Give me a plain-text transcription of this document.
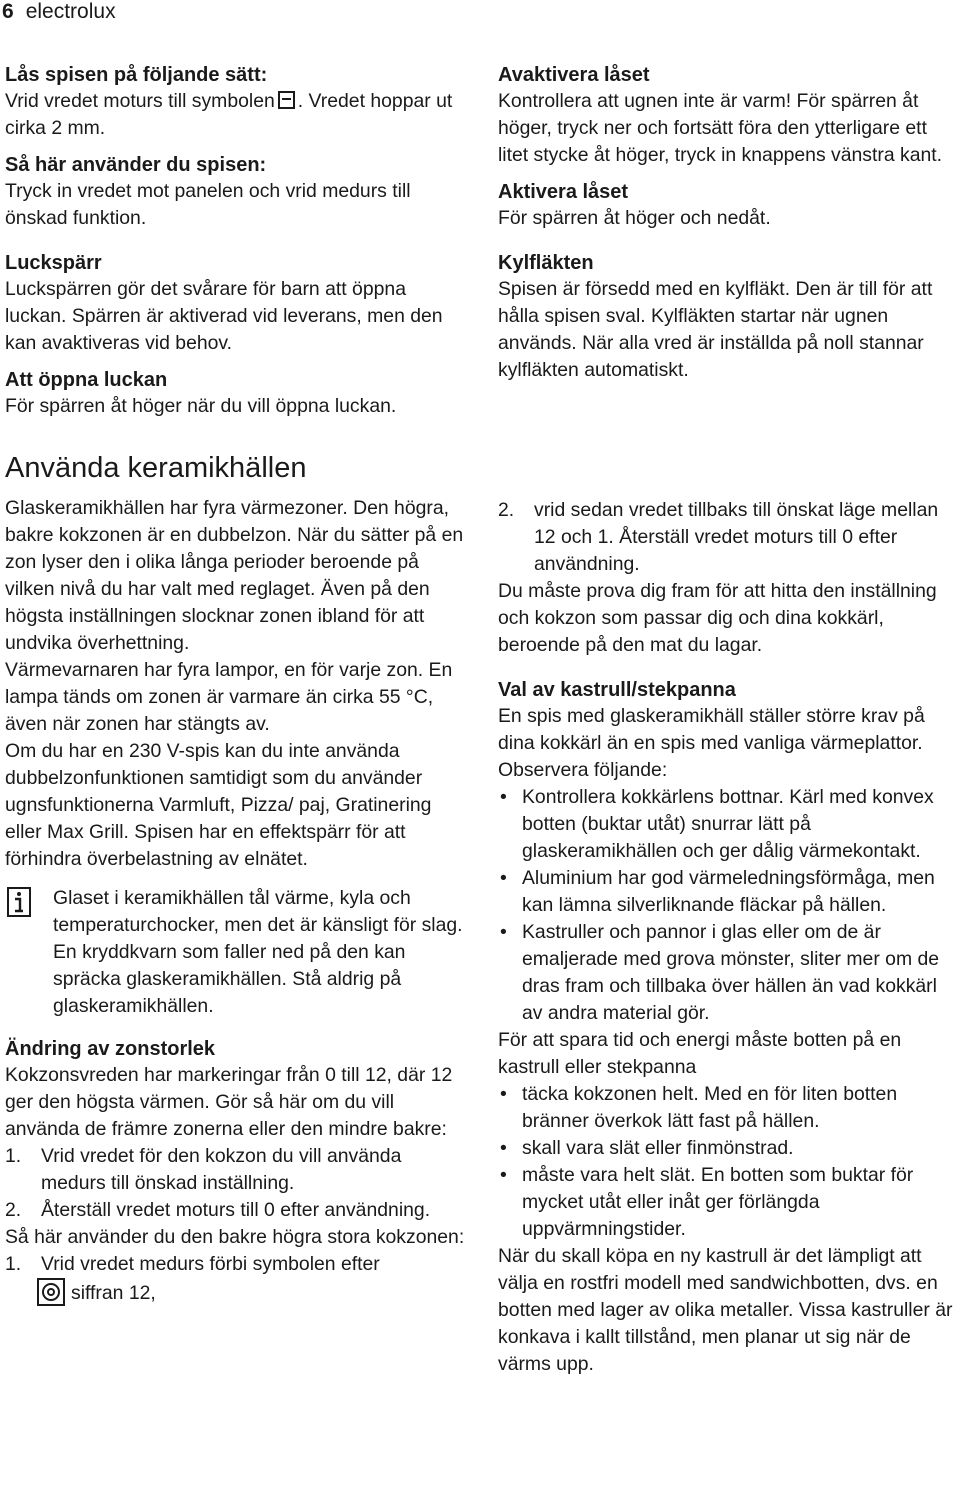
6 electrolux

Lås spisen på följande sätt:

Vrid vredet moturs till symbolen . Vredet hoppar ut cirka 2 mm.

Så här använder du spisen:

Tryck in vredet mot panelen och vrid medurs till önskad funktion.

Luckspärr

Luckspärren gör det svårare för barn att öppna luckan. Spärren är aktiverad vid leverans, men den kan avaktiveras vid behov.

Att öppna luckan

För spärren åt höger när du vill öppna luckan.

Avaktivera låset

Kontrollera att ugnen inte är varm! För spärren åt höger, tryck ner och fortsätt föra den ytterligare ett litet stycke åt höger, tryck in knappens vänstra kant.

Aktivera låset

För spärren åt höger och nedåt.

Kylfläkten

Spisen är försedd med en kylfläkt. Den är till för att hålla spisen sval. Kylfläkten startar när ugnen används. När alla vred är inställda på noll stannar kylfläkten automatiskt.

Använda keramikhällen

Glaskeramikhällen har fyra värmezoner. Den högra, bakre kokzonen är en dubbelzon. När du sätter på en zon lyser den i olika långa perioder beroende på vilken nivå du har valt med reglaget. Även på den högsta inställningen slocknar zonen ibland för att undvika överhettning.

Värmevarnaren har fyra lampor, en för varje zon. En lampa tänds om zonen är varmare än cirka 55 °C, även när zonen har stängts av.

Om du har en 230 V-spis kan du inte använda dubbelzonfunktionen samtidigt som du använder ugnsfunktionerna Varmluft, Pizza/ paj, Gratinering eller Max Grill. Spisen har en effektspärr för att förhindra överbelastning av elnätet.

Glaset i keramikhällen tål värme, kyla och temperaturchocker, men det är känsligt för slag. En kryddkvarn som faller ned på den kan spräcka glaskeramikhällen. Stå aldrig på glaskeramikhällen.

Ändring av zonstorlek

Kokzonsvreden har markeringar från 0 till 12, där 12 ger den högsta värmen. Gör så här om du vill använda de främre zonerna eller den mindre bakre:

1. Vrid vredet för den kokzon du vill använda medurs till önskad inställning.
2. Återställ vredet moturs till 0 efter användning.

Så här använder du den bakre högra stora kokzonen:

1. Vrid vredet medurs förbi symbolen efter
siffran 12,
2. vrid sedan vredet tillbaks till önskat läge mellan 12 och 1. Återställ vredet moturs till 0 efter användning.

Du måste prova dig fram för att hitta den inställning och kokzon som passar dig och dina kokkärl, beroende på den mat du lagar.

Val av kastrull/stekpanna

En spis med glaskeramikhäll ställer större krav på dina kokkärl än en spis med vanliga värmeplattor. Observera följande:

• Kontrollera kokkärlens bottnar. Kärl med konvex botten (buktar utåt) snurrar lätt på glaskeramikhällen och ger dålig värmekontakt.
• Aluminium har god värmeledningsförmåga, men kan lämna silverliknande fläckar på hällen.
• Kastruller och pannor i glas eller om de är emaljerade med grova mönster, sliter mer om de dras fram och tillbaka över hällen än vad kokkärl av andra material gör.

För att spara tid och energi måste botten på en kastrull eller stekpanna

• täcka kokzonen helt. Med en för liten botten bränner överkok lätt fast på hällen.
• skall vara slät eller finmönstrad.
• måste vara helt slät. En botten som buktar för mycket utåt eller inåt ger förlängda uppvärmningstider.

När du skall köpa en ny kastrull är det lämpligt att välja en rostfri modell med sandwichbotten, dvs. en botten med lager av olika metaller. Vissa kastruller är konkava i kallt tillstånd, men planar ut sig när de värms upp.
